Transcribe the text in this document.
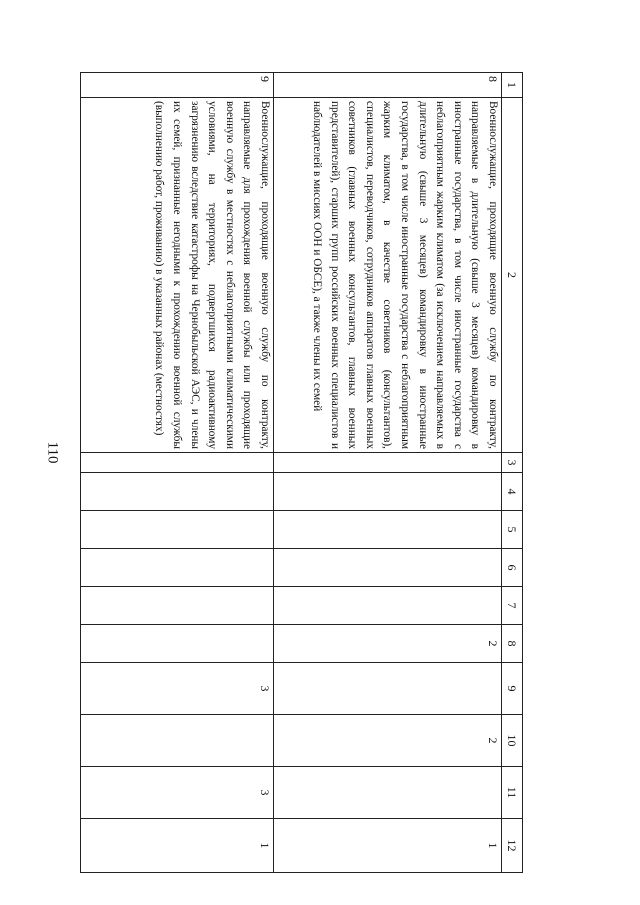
110
1	2	3	4	5	6	7	8	9	10	11	12
8	Военнослужащие, проходящие военную службу по контракту, направляемые в длительную (свыше 3 месяцев) командировку в иностранные государства, в том числе иностранные государства с неблагоприятным жарким климатом (за исключением направляемых в длительную (свыше 3 месяцев) командировку в иностранные государства, в том числе иностранные государства с неблагоприятным жарким климатом, в качестве советников (консультантов), специалистов, переводчиков, сотрудников аппаратов главных военных советников (главных военных консультантов, главных военных представителей), старших групп российских военных специалистов и наблюдателей в миссиях ООН и ОБСЕ), а также члены их семей						2		2		1
9	Военнослужащие, проходящие военную службу по контракту, направляемые для прохождения военной службы или проходящие военную службу в местностях с неблагоприятными климатическими условиями, на территориях, подвергшихся радиоактивному загрязнению вследствие катастрофы на Чернобыльской АЭС, и члены их семей, признанные негодными к прохождению военной службы (выполнению работ, проживанию) в указанных районах (местностях)							3		3	1
